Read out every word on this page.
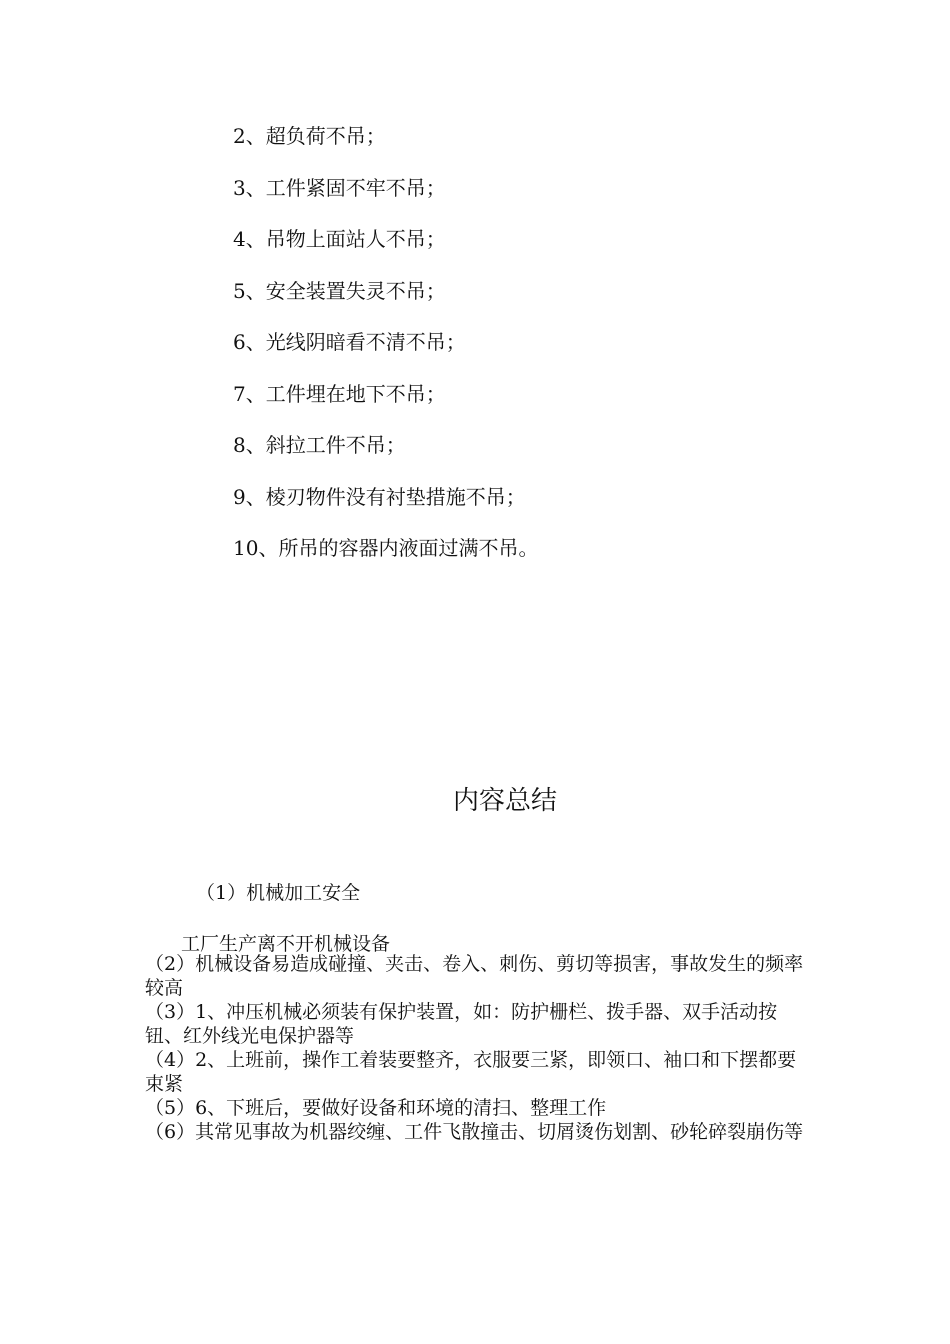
2、超负荷不吊；
3、工件紧固不牢不吊；
4、吊物上面站人不吊；
5、安全装置失灵不吊；
6、光线阴暗看不清不吊；
7、工件埋在地下不吊；
8、斜拉工件不吊；
9、棱刃物件没有衬垫措施不吊；
10、所吊的容器内液面过满不吊。
内容总结
（1）机械加工安全

工厂生产离不开机械设备

（2）机械设备易造成碰撞、夹击、卷入、刺伤、剪切等损害，事故发生的频率较高
（3）1、冲压机械必须装有保护装置，如：防护栅栏、拨手器、双手活动按钮、红外线光电保护器等
（4）2、上班前，操作工着装要整齐，衣服要三紧，即领口、袖口和下摆都要束紧
（5）6、下班后，要做好设备和环境的清扫、整理工作
（6）其常见事故为机器绞缠、工件飞散撞击、切屑烫伤划割、砂轮碎裂崩伤等
